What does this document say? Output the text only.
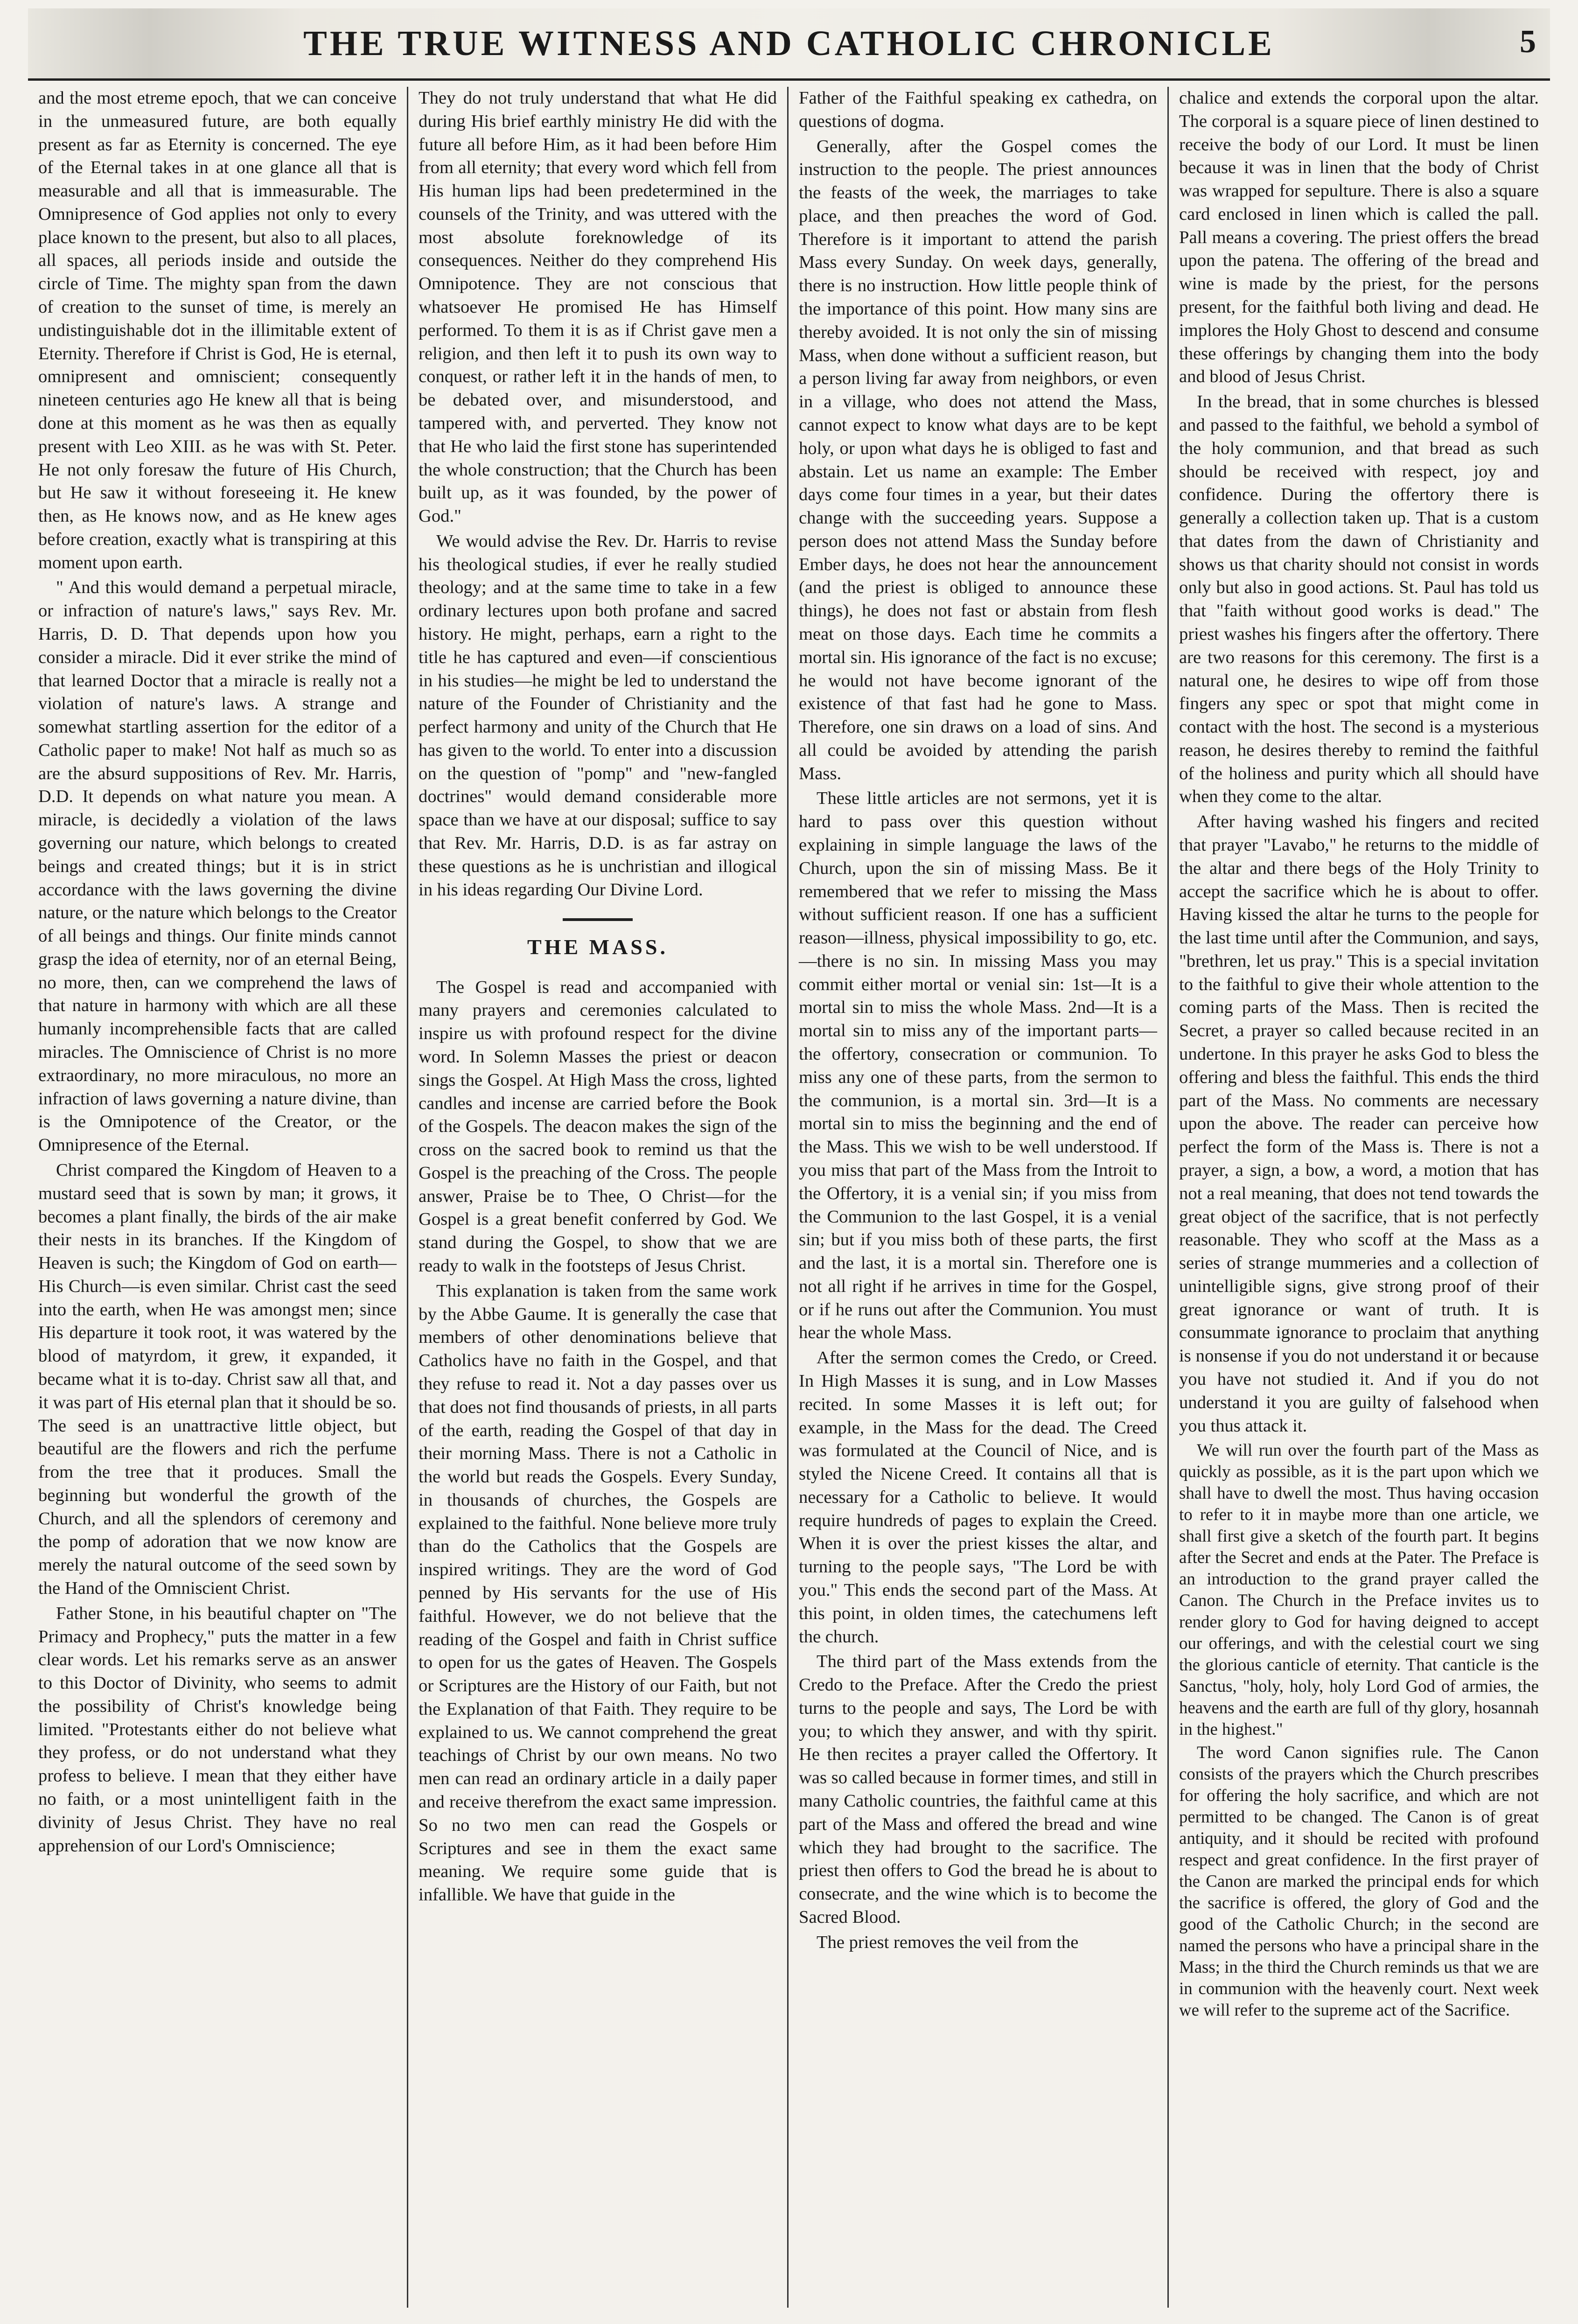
THE TRUE WITNESS AND CATHOLIC CHRONICLE	5

and the most etreme epoch, that we can conceive in the unmeasured future, are both equally present as far as Eternity is concerned. The eye of the Eternal takes in at one glance all that is measurable and all that is immeasurable. The Omnipresence of God applies not only to every place known to the present, but also to all places, all spaces, all periods inside and outside the circle of Time. The mighty span from the dawn of creation to the sunset of time, is merely an undistinguishable dot in the illimitable extent of Eternity. Therefore if Christ is God, He is eternal, omnipresent and omniscient; consequently nineteen centuries ago He knew all that is being done at this moment as he was then as equally present with Leo XIII. as he was with St. Peter. He not only foresaw the future of His Church, but He saw it without foreseeing it. He knew then, as He knows now, and as He knew ages before creation, exactly what is transpiring at this moment upon earth.

" And this would demand a perpetual miracle, or infraction of nature's laws," says Rev. Mr. Harris, D. D. That depends upon how you consider a miracle. Did it ever strike the mind of that learned Doctor that a miracle is really not a violation of nature's laws. A strange and somewhat startling assertion for the editor of a Catholic paper to make! Not half as much so as are the absurd suppositions of Rev. Mr. Harris, D.D. It depends on what nature you mean. A miracle, is decidedly a violation of the laws governing our nature, which belongs to created beings and created things; but it is in strict accordance with the laws governing the divine nature, or the nature which belongs to the Creator of all beings and things. Our finite minds cannot grasp the idea of eternity, nor of an eternal Being, no more, then, can we comprehend the laws of that nature in harmony with which are all these humanly incomprehensible facts that are called miracles. The Omniscience of Christ is no more extraordinary, no more miraculous, no more an infraction of laws governing a nature divine, than is the Omnipotence of the Creator, or the Omnipresence of the Eternal.

Christ compared the Kingdom of Heaven to a mustard seed that is sown by man; it grows, it becomes a plant finally, the birds of the air make their nests in its branches. If the Kingdom of Heaven is such; the Kingdom of God on earth—His Church—is even similar. Christ cast the seed into the earth, when He was amongst men; since His departure it took root, it was watered by the blood of matyrdom, it grew, it expanded, it became what it is to-day. Christ saw all that, and it was part of His eternal plan that it should be so. The seed is an unattractive little object, but beautiful are the flowers and rich the perfume from the tree that it produces. Small the beginning but wonderful the growth of the Church, and all the splendors of ceremony and the pomp of adoration that we now know are merely the natural outcome of the seed sown by the Hand of the Omniscient Christ.

Father Stone, in his beautiful chapter on "The Primacy and Prophecy," puts the matter in a few clear words. Let his remarks serve as an answer to this Doctor of Divinity, who seems to admit the possibility of Christ's knowledge being limited. "Protestants either do not believe what they profess, or do not understand what they profess to believe. I mean that they either have no faith, or a most unintelligent faith in the divinity of Jesus Christ. They have no real apprehension of our Lord's Omniscience;

They do not truly understand that what He did during His brief earthly ministry He did with the future all before Him, as it had been before Him from all eternity; that every word which fell from His human lips had been predetermined in the counsels of the Trinity, and was uttered with the most absolute foreknowledge of its consequences. Neither do they comprehend His Omnipotence. They are not conscious that whatsoever He promised He has Himself performed. To them it is as if Christ gave men a religion, and then left it to push its own way to conquest, or rather left it in the hands of men, to be debated over, and misunderstood, and tampered with, and perverted. They know not that He who laid the first stone has superintended the whole construction; that the Church has been built up, as it was founded, by the power of God."

We would advise the Rev. Dr. Harris to revise his theological studies, if ever he really studied theology; and at the same time to take in a few ordinary lectures upon both profane and sacred history. He might, perhaps, earn a right to the title he has captured and even—if conscientious in his studies—he might be led to understand the nature of the Founder of Christianity and the perfect harmony and unity of the Church that He has given to the world. To enter into a discussion on the question of "pomp" and "new-fangled doctrines" would demand considerable more space than we have at our disposal; suffice to say that Rev. Mr. Harris, D.D. is as far astray on these questions as he is unchristian and illogical in his ideas regarding Our Divine Lord.

THE MASS.

The Gospel is read and accompanied with many prayers and ceremonies calculated to inspire us with profound respect for the divine word. In Solemn Masses the priest or deacon sings the Gospel. At High Mass the cross, lighted candles and incense are carried before the Book of the Gospels. The deacon makes the sign of the cross on the sacred book to remind us that the Gospel is the preaching of the Cross. The people answer, Praise be to Thee, O Christ—for the Gospel is a great benefit conferred by God. We stand during the Gospel, to show that we are ready to walk in the footsteps of Jesus Christ.

This explanation is taken from the same work by the Abbe Gaume. It is generally the case that members of other denominations believe that Catholics have no faith in the Gospel, and that they refuse to read it. Not a day passes over us that does not find thousands of priests, in all parts of the earth, reading the Gospel of that day in their morning Mass. There is not a Catholic in the world but reads the Gospels. Every Sunday, in thousands of churches, the Gospels are explained to the faithful. None believe more truly than do the Catholics that the Gospels are inspired writings. They are the word of God penned by His servants for the use of His faithful. However, we do not believe that the reading of the Gospel and faith in Christ suffice to open for us the gates of Heaven. The Gospels or Scriptures are the History of our Faith, but not the Explanation of that Faith. They require to be explained to us. We cannot comprehend the great teachings of Christ by our own means. No two men can read an ordinary article in a daily paper and receive therefrom the exact same impression. So no two men can read the Gospels or Scriptures and see in them the exact same meaning. We require some guide that is infallible. We have that guide in the

Father of the Faithful speaking ex cathedra, on questions of dogma.

Generally, after the Gospel comes the instruction to the people. The priest announces the feasts of the week, the marriages to take place, and then preaches the word of God. Therefore is it important to attend the parish Mass every Sunday. On week days, generally, there is no instruction. How little people think of the importance of this point. How many sins are thereby avoided. It is not only the sin of missing Mass, when done without a sufficient reason, but a person living far away from neighbors, or even in a village, who does not attend the Mass, cannot expect to know what days are to be kept holy, or upon what days he is obliged to fast and abstain. Let us name an example: The Ember days come four times in a year, but their dates change with the succeeding years. Suppose a person does not attend Mass the Sunday before Ember days, he does not hear the announcement (and the priest is obliged to announce these things), he does not fast or abstain from flesh meat on those days. Each time he commits a mortal sin. His ignorance of the fact is no excuse; he would not have become ignorant of the existence of that fast had he gone to Mass. Therefore, one sin draws on a load of sins. And all could be avoided by attending the parish Mass.

These little articles are not sermons, yet it is hard to pass over this question without explaining in simple language the laws of the Church, upon the sin of missing Mass. Be it remembered that we refer to missing the Mass without sufficient reason. If one has a sufficient reason—illness, physical impossibility to go, etc.—there is no sin. In missing Mass you may commit either mortal or venial sin: 1st—It is a mortal sin to miss the whole Mass. 2nd—It is a mortal sin to miss any of the important parts—the offertory, consecration or communion. To miss any one of these parts, from the sermon to the communion, is a mortal sin. 3rd—It is a mortal sin to miss the beginning and the end of the Mass. This we wish to be well understood. If you miss that part of the Mass from the Introit to the Offertory, it is a venial sin; if you miss from the Communion to the last Gospel, it is a venial sin; but if you miss both of these parts, the first and the last, it is a mortal sin. Therefore one is not all right if he arrives in time for the Gospel, or if he runs out after the Communion. You must hear the whole Mass.

After the sermon comes the Credo, or Creed. In High Masses it is sung, and in Low Masses recited. In some Masses it is left out; for example, in the Mass for the dead. The Creed was formulated at the Council of Nice, and is styled the Nicene Creed. It contains all that is necessary for a Catholic to believe. It would require hundreds of pages to explain the Creed. When it is over the priest kisses the altar, and turning to the people says, "The Lord be with you." This ends the second part of the Mass. At this point, in olden times, the catechumens left the church.

The third part of the Mass extends from the Credo to the Preface. After the Credo the priest turns to the people and says, The Lord be with you; to which they answer, and with thy spirit. He then recites a prayer called the Offertory. It was so called because in former times, and still in many Catholic countries, the faithful came at this part of the Mass and offered the bread and wine which they had brought to the sacrifice. The priest then offers to God the bread he is about to consecrate, and the wine which is to become the Sacred Blood.

The priest removes the veil from the

chalice and extends the corporal upon the altar. The corporal is a square piece of linen destined to receive the body of our Lord. It must be linen because it was in linen that the body of Christ was wrapped for sepulture. There is also a square card enclosed in linen which is called the pall. Pall means a covering. The priest offers the bread upon the patena. The offering of the bread and wine is made by the priest, for the persons present, for the faithful both living and dead. He implores the Holy Ghost to descend and consume these offerings by changing them into the body and blood of Jesus Christ.

In the bread, that in some churches is blessed and passed to the faithful, we behold a symbol of the holy communion, and that bread as such should be received with respect, joy and confidence. During the offertory there is generally a collection taken up. That is a custom that dates from the dawn of Christianity and shows us that charity should not consist in words only but also in good actions. St. Paul has told us that "faith without good works is dead." The priest washes his fingers after the offertory. There are two reasons for this ceremony. The first is a natural one, he desires to wipe off from those fingers any spec or spot that might come in contact with the host. The second is a mysterious reason, he desires thereby to remind the faithful of the holiness and purity which all should have when they come to the altar.

After having washed his fingers and recited that prayer "Lavabo," he returns to the middle of the altar and there begs of the Holy Trinity to accept the sacrifice which he is about to offer. Having kissed the altar he turns to the people for the last time until after the Communion, and says, "brethren, let us pray." This is a special invitation to the faithful to give their whole attention to the coming parts of the Mass. Then is recited the Secret, a prayer so called because recited in an undertone. In this prayer he asks God to bless the offering and bless the faithful. This ends the third part of the Mass. No comments are necessary upon the above. The reader can perceive how perfect the form of the Mass is. There is not a prayer, a sign, a bow, a word, a motion that has not a real meaning, that does not tend towards the great object of the sacrifice, that is not perfectly reasonable. They who scoff at the Mass as a series of strange mummeries and a collection of unintelligible signs, give strong proof of their great ignorance or want of truth. It is consummate ignorance to proclaim that anything is nonsense if you do not understand it or because you have not studied it. And if you do not understand it you are guilty of falsehood when you thus attack it.

We will run over the fourth part of the Mass as quickly as possible, as it is the part upon which we shall have to dwell the most. Thus having occasion to refer to it in maybe more than one article, we shall first give a sketch of the fourth part. It begins after the Secret and ends at the Pater. The Preface is an introduction to the grand prayer called the Canon. The Church in the Preface invites us to render glory to God for having deigned to accept our offerings, and with the celestial court we sing the glorious canticle of eternity. That canticle is the Sanctus, "holy, holy, holy Lord God of armies, the heavens and the earth are full of thy glory, hosannah in the highest."

The word Canon signifies rule. The Canon consists of the prayers which the Church prescribes for offering the holy sacrifice, and which are not permitted to be changed. The Canon is of great antiquity, and it should be recited with profound respect and great confidence. In the first prayer of the Canon are marked the principal ends for which the sacrifice is offered, the glory of God and the good of the Catholic Church; in the second are named the persons who have a principal share in the Mass; in the third the Church reminds us that we are in communion with the heavenly court. Next week we will refer to the supreme act of the Sacrifice.
